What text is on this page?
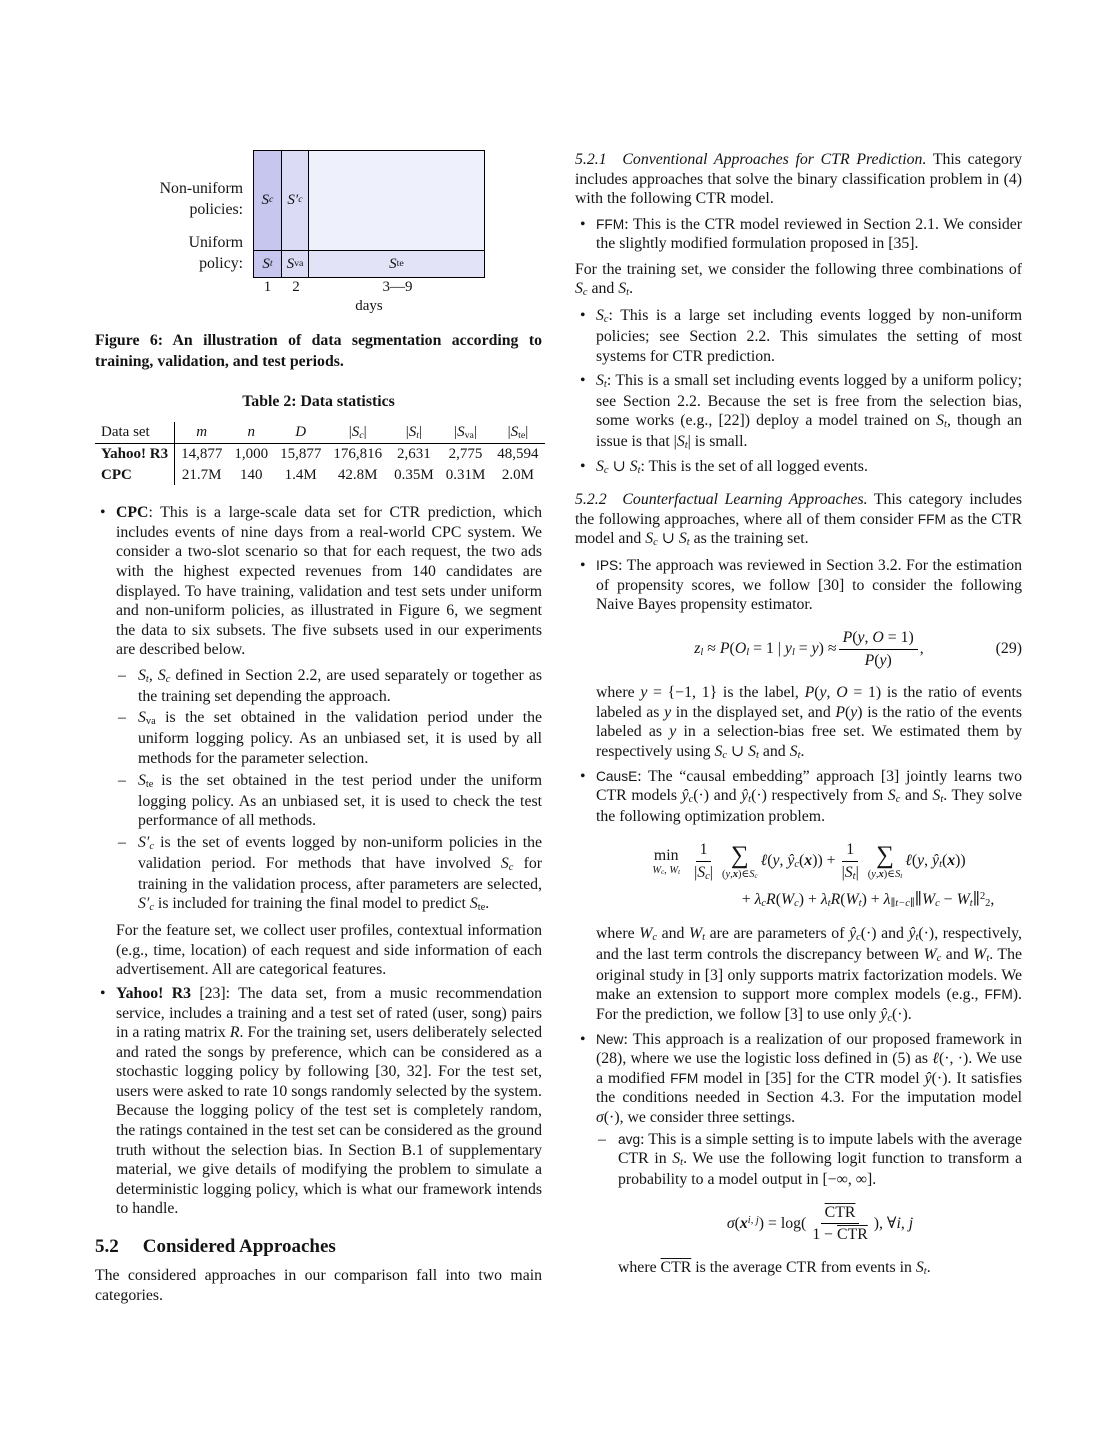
Non-uniform
policies:
Uniform
policy:
S c S′ c
S t S va	S te
1	2	3—9
days
Figure 6: An illustration of data segmentation according to training, validation, and test periods.
Table 2: Data statistics
Data set	m	n	D	|Sc|	|St|	|Sva|	|Ste|
Yahoo! R3	14,877	1,000	15,877	176,816	2,631	2,775	48,594
CPC	21.7M	140	1.4M	42.8M	0.35M	0.31M	2.0M
• CPC: This is a large-scale data set for CTR prediction, which includes events of nine days from a real-world CPC system. We consider a two-slot scenario so that for each request, the two ads with the highest expected revenues from 140 candidates are displayed. To have training, validation and test sets under uniform and non-uniform policies, as illustrated in Figure 6, we segment the data to six subsets. The five subsets used in our experiments are described below.
– St, Sc defined in Section 2.2, are used separately or together as the training set depending the approach.
– Sva is the set obtained in the validation period under the uniform logging policy. As an unbiased set, it is used by all methods for the parameter selection.
– Ste is the set obtained in the test period under the uniform logging policy. As an unbiased set, it is used to check the test performance of all methods.
– S′c is the set of events logged by non-uniform policies in the validation period. For methods that have involved Sc for training in the validation process, after parameters are selected, S′c is included for training the final model to predict Ste.
For the feature set, we collect user profiles, contextual information (e.g., time, location) of each request and side information of each advertisement. All are categorical features.
• Yahoo! R3 [23]: The data set, from a music recommendation service, includes a training and a test set of rated (user, song) pairs in a rating matrix R. For the training set, users deliberately selected and rated the songs by preference, which can be considered as a stochastic logging policy by following [30, 32]. For the test set, users were asked to rate 10 songs randomly selected by the system. Because the logging policy of the test set is completely random, the ratings contained in the test set can be considered as the ground truth without the selection bias. In Section B.1 of supplementary material, we give details of modifying the problem to simulate a deterministic logging policy, which is what our framework intends to handle.
5.2 Considered Approaches
The considered approaches in our comparison fall into two main categories.
5.2.1 Conventional Approaches for CTR Prediction. This category includes approaches that solve the binary classification problem in (4) with the following CTR model.
• FFM: This is the CTR model reviewed in Section 2.1. We consider the slightly modified formulation proposed in [35].
For the training set, we consider the following three combinations of Sc and St.
• Sc: This is a large set including events logged by non-uniform policies; see Section 2.2. This simulates the setting of most systems for CTR prediction.
• St: This is a small set including events logged by a uniform policy; see Section 2.2. Because the set is free from the selection bias, some works (e.g., [22]) deploy a model trained on St, though an issue is that |St| is small.
• Sc ∪ St: This is the set of all logged events.
5.2.2 Counterfactual Learning Approaches. This category includes the following approaches, where all of them consider FFM as the CTR model and Sc ∪ St as the training set.
• IPS: The approach was reviewed in Section 3.2. For the estimation of propensity scores, we follow [30] to consider the following Naive Bayes propensity estimator.
zl ≈ P(Ol = 1 | yl = $y) \approx \frac{P(y, O = 1)}{P(y)}$ ,	(29)
where y = {−1, 1} is the label, P(y, O = 1) is the ratio of events labeled as y in the displayed set, and P(y) is the ratio of the events labeled as y in a selection-bias free set. We estimated them by respectively using Sc ∪ St and St.
• CausE: The “causal embedding” approach [3] jointly learns two CTR models ŷc(·) and ŷt(·) respectively from Sc and St. They solve the following optimization problem.
min
Wc, Wt $\frac{1}{|Sc|}$ ∑
(y,x)∈Sc
ℓ(y, ŷc(x)) + $\frac{1}{|St|}$ ∑
(y,x)∈St
ℓ(y, ŷt(x))
+ λcR(Wc) + λtR(Wt) + λ∥t−c∥∥Wc − Wt∥$^2$2,
where Wc and Wt are are parameters of ŷc(·) and ŷt(·), respectively, and the last term controls the discrepancy between Wc and Wt. The original study in [3] only supports matrix factorization models. We make an extension to support more complex models (e.g., FFM). For the prediction, we follow [3] to use only ŷc(·).
• New: This approach is a realization of our proposed framework in (28), where we use the logistic loss defined in (5) as ℓ(·, ·). We use a modified FFM model in [35] for the CTR model ŷ(·). It satisfies the conditions needed in Section 4.3. For the imputation model σ(·), we consider three settings.
– avg: This is a simple setting is to impute labels with the average CTR in St. We use the following logit function to transform a probability to a model output in [−∞, ∞].
$\sigma(x^{i, j}) = \log( \frac{\overline{CTR}}{1 - \overline{CTR}}$ ), ∀i, j
where $\overline{CTR}$ is the average CTR from events in St.
